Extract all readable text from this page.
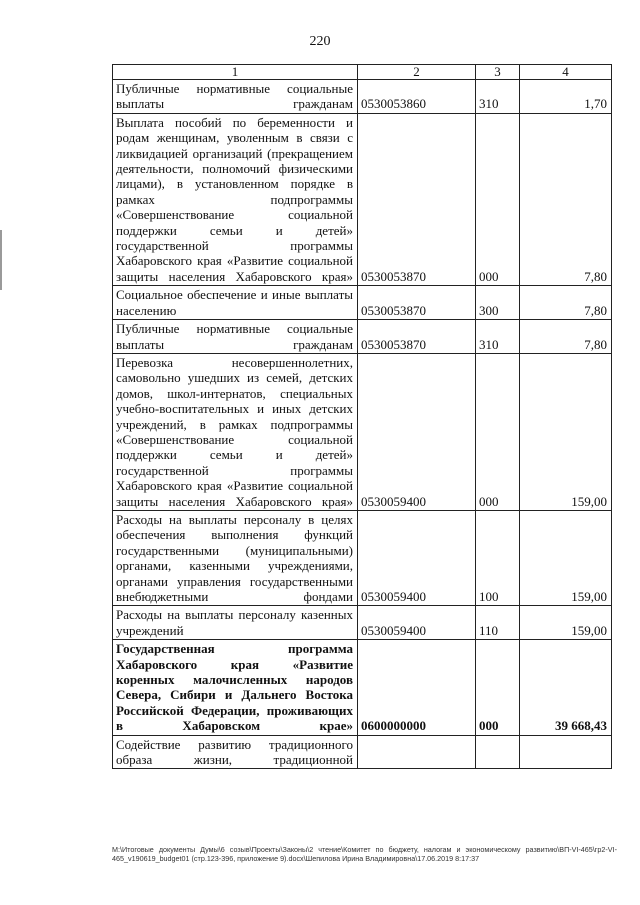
220
1	2	3	4
Публичные нормативные социальные выплаты гражданам	0530053860	310	1,70
Выплата пособий по беременности и родам женщинам, уволенным в связи с ликвидацией организаций (прекращением деятельности, полномочий физическими лицами), в установленном порядке в рамках подпрограммы «Совершенствование социальной поддержки семьи и детей» государственной программы Хабаровского края «Развитие социальной защиты населения Хабаровского края»	0530053870	000	7,80
Социальное обеспечение и иные выплаты населению	0530053870	300	7,80
Публичные нормативные социальные выплаты гражданам	0530053870	310	7,80
Перевозка несовершеннолетних, самовольно ушедших из семей, детских домов, школ-интернатов, специальных учебно-воспитательных и иных детских учреждений, в рамках подпрограммы «Совершенствование социальной поддержки семьи и детей» государственной программы Хабаровского края «Развитие социальной защиты населения Хабаровского края»	0530059400	000	159,00
Расходы на выплаты персоналу в целях обеспечения выполнения функций государственными (муниципальными) органами, казенными учреждениями, органами управления государственными внебюджетными фондами	0530059400	100	159,00
Расходы на выплаты персоналу казенных учреждений	0530059400	110	159,00
Государственная программа Хабаровского края «Развитие коренных малочисленных народов Севера, Сибири и Дальнего Востока Российской Федерации, проживающих в Хабаровском крае»	0600000000	000	39 668,43
Содействие развитию традиционного образа жизни, традиционной			
M:\Итоговые документы Думы\6 созыв\Проекты\Законы\2 чтение\Комитет по бюджету, налогам и экономическому развитию\ВП-VI-465\гр2-VI-465_v190619_budget01 (стр.123-396, приложение 9).docx\Шепилова Ирина Владимировна\17.06.2019 8:17:37
